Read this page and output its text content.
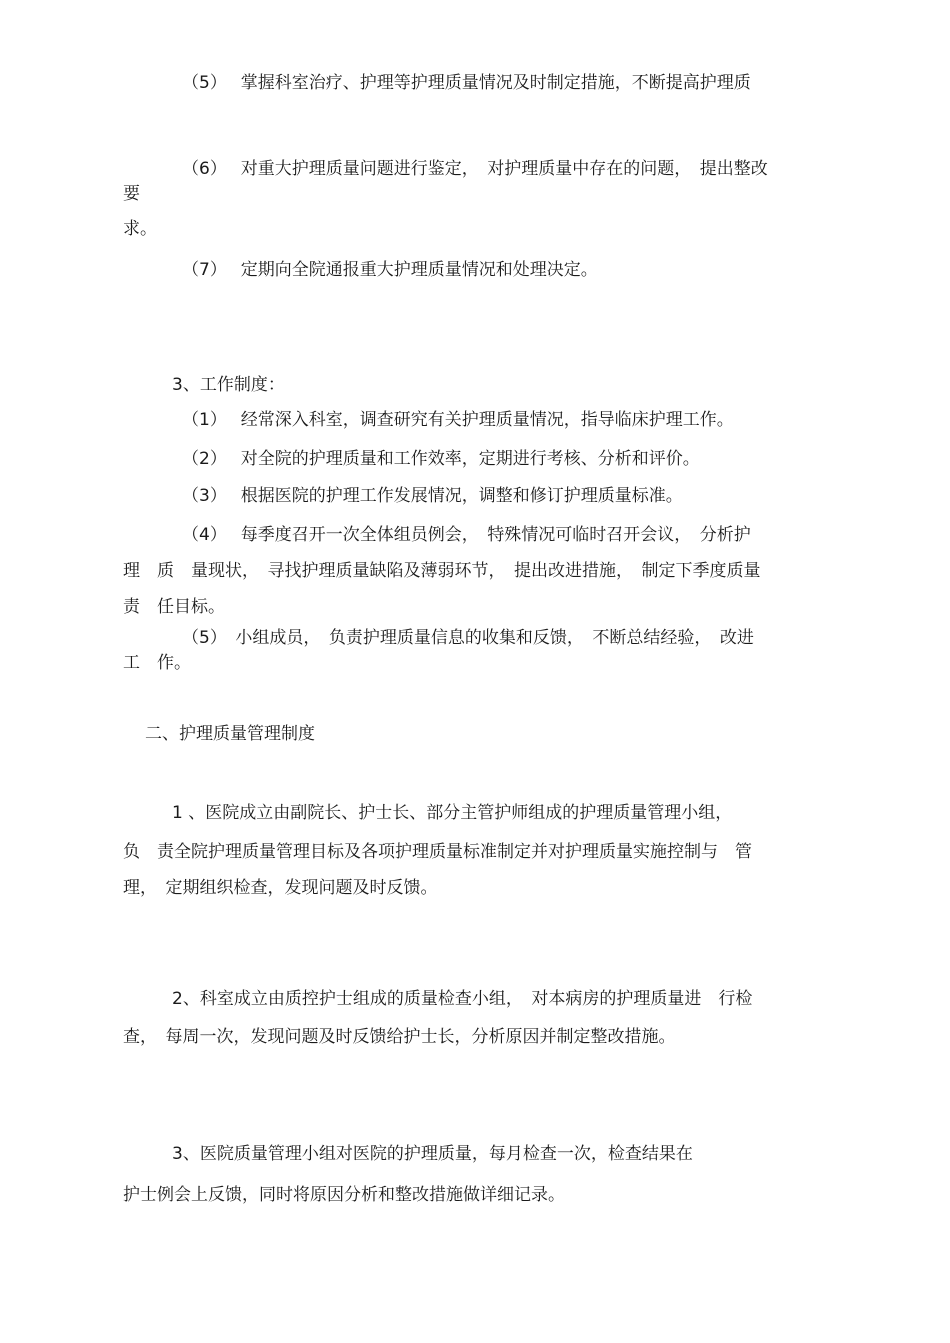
（5）　 掌握科室治疗、护理等护理质量情况及时制定措施，不断提高护理质
（6）　 对重大护理质量问题进行鉴定，　对护理质量中存在的问题，　提出整改
要
求。
（7）　 定期向全院通报重大护理质量情况和处理决定。
3、工作制度：
（1）　 经常深入科室，调查研究有关护理质量情况，指导临床护理工作。
（2）　 对全院的护理质量和工作效率，定期进行考核、分析和评价。
（3）　 根据医院的护理工作发展情况，调整和修订护理质量标准。
（4）　 每季度召开一次全体组员例会，　特殊情况可临时召开会议，　分析护
理　质　量现状，　寻找护理质量缺陷及薄弱环节，　提出改进措施，　制定下季度质量
责　任目标。
（5）　小组成员，　负责护理质量信息的收集和反馈，　不断总结经验，　改进
工　作。
二、护理质量管理制度
1 、医院成立由副院长、护士长、部分主管护师组成的护理质量管理小组，
负　责全院护理质量管理目标及各项护理质量标准制定并对护理质量实施控制与　管
理，　定期组织检查，发现问题及时反馈。
2、科室成立由质控护士组成的质量检查小组，　对本病房的护理质量进　行检
查，　每周一次，发现问题及时反馈给护士长，分析原因并制定整改措施。
3、医院质量管理小组对医院的护理质量，每月检查一次，检查结果在
护士例会上反馈，同时将原因分析和整改措施做详细记录。
